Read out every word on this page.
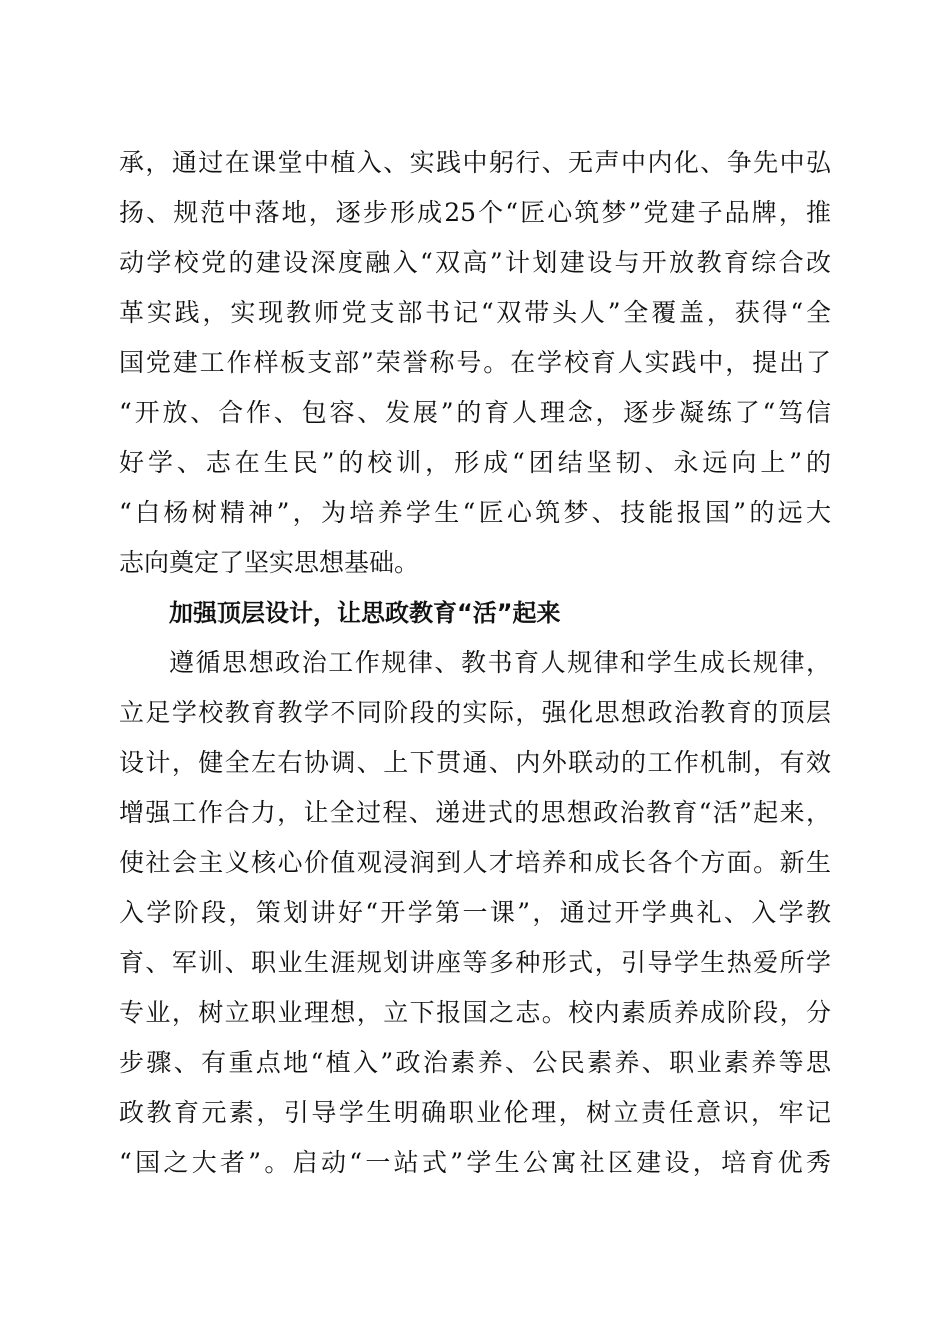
承，通过在课堂中植入、实践中躬行、无声中内化、争先中弘
扬、规范中落地，逐步形成25个“匠心筑梦”党建子品牌，推
动学校党的建设深度融入“双高”计划建设与开放教育综合改
革实践，实现教师党支部书记“双带头人”全覆盖，获得“全
国党建工作样板支部”荣誉称号。在学校育人实践中，提出了
“开放、合作、包容、发展”的育人理念，逐步凝练了“笃信
好学、志在生民”的校训，形成“团结坚韧、永远向上”的
“白杨树精神”，为培养学生“匠心筑梦、技能报国”的远大
志向奠定了坚实思想基础。
加强顶层设计，让思政教育“活”起来
遵循思想政治工作规律、教书育人规律和学生成长规律，
立足学校教育教学不同阶段的实际，强化思想政治教育的顶层
设计，健全左右协调、上下贯通、内外联动的工作机制，有效
增强工作合力，让全过程、递进式的思想政治教育“活”起来，
使社会主义核心价值观浸润到人才培养和成长各个方面。新生
入学阶段，策划讲好“开学第一课”，通过开学典礼、入学教
育、军训、职业生涯规划讲座等多种形式，引导学生热爱所学
专业，树立职业理想，立下报国之志。校内素质养成阶段，分
步骤、有重点地“植入”政治素养、公民素养、职业素养等思
政教育元素，引导学生明确职业伦理，树立责任意识，牢记
“国之大者”。启动“一站式”学生公寓社区建设，培育优秀
